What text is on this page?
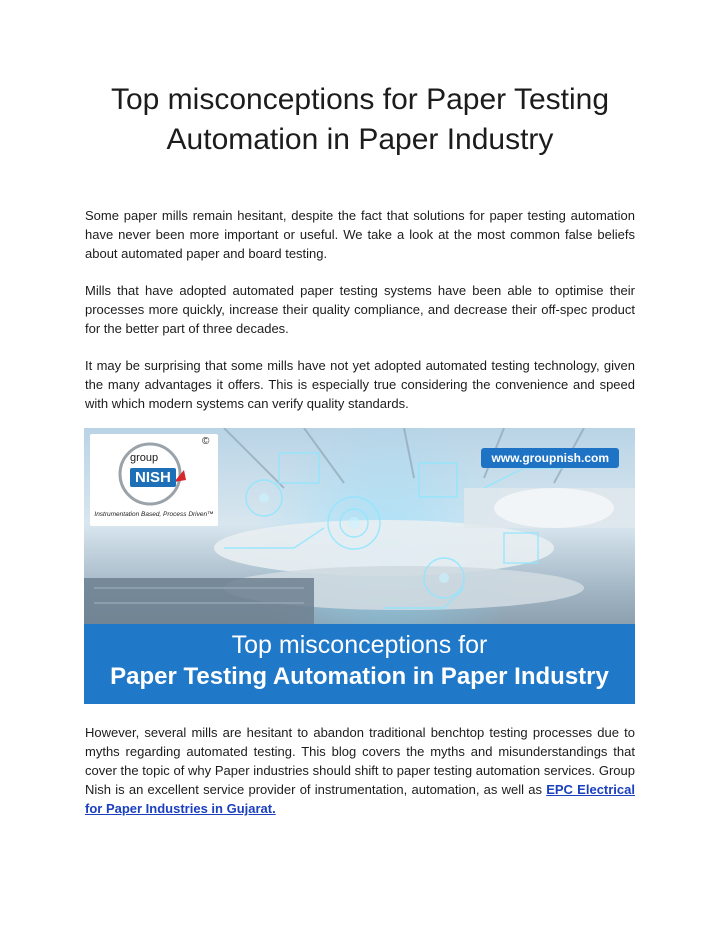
Top misconceptions for Paper Testing Automation in Paper Industry

Some paper mills remain hesitant, despite the fact that solutions for paper testing automation have never been more important or useful. We take a look at the most common false beliefs about automated paper and board testing.

Mills that have adopted automated paper testing systems have been able to optimise their processes more quickly, increase their quality compliance, and decrease their off-spec product for the better part of three decades.

It may be surprising that some mills have not yet adopted automated testing technology, given the many advantages it offers. This is especially true considering the convenience and speed with which modern systems can verify quality standards.

group
NISH
©
Instrumentation Based, Process Driven™
www.groupnish.com
Top misconceptions for
Paper Testing Automation in Paper Industry

However, several mills are hesitant to abandon traditional benchtop testing processes due to myths regarding automated testing. This blog covers the myths and misunderstandings that cover the topic of why Paper industries should shift to paper testing automation services. Group Nish is an excellent service provider of instrumentation, automation, as well as EPC Electrical for Paper Industries in Gujarat.
